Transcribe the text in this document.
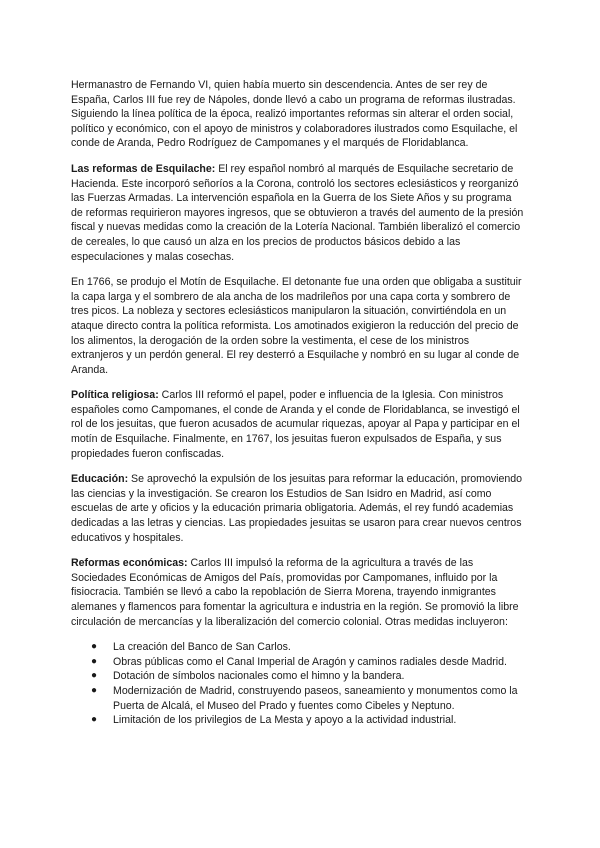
Hermanastro de Fernando VI, quien había muerto sin descendencia. Antes de ser rey de España, Carlos III fue rey de Nápoles, donde llevó a cabo un programa de reformas ilustradas. Siguiendo la línea política de la época, realizó importantes reformas sin alterar el orden social, político y económico, con el apoyo de ministros y colaboradores ilustrados como Esquilache, el conde de Aranda, Pedro Rodríguez de Campomanes y el marqués de Floridablanca.

Las reformas de Esquilache: El rey español nombró al marqués de Esquilache secretario de Hacienda. Este incorporó señoríos a la Corona, controló los sectores eclesiásticos y reorganizó las Fuerzas Armadas. La intervención española en la Guerra de los Siete Años y su programa de reformas requirieron mayores ingresos, que se obtuvieron a través del aumento de la presión fiscal y nuevas medidas como la creación de la Lotería Nacional. También liberalizó el comercio de cereales, lo que causó un alza en los precios de productos básicos debido a las especulaciones y malas cosechas.

En 1766, se produjo el Motín de Esquilache. El detonante fue una orden que obligaba a sustituir la capa larga y el sombrero de ala ancha de los madrileños por una capa corta y sombrero de tres picos. La nobleza y sectores eclesiásticos manipularon la situación, convirtiéndola en un ataque directo contra la política reformista. Los amotinados exigieron la reducción del precio de los alimentos, la derogación de la orden sobre la vestimenta, el cese de los ministros extranjeros y un perdón general. El rey desterró a Esquilache y nombró en su lugar al conde de Aranda.

Política religiosa: Carlos III reformó el papel, poder e influencia de la Iglesia. Con ministros españoles como Campomanes, el conde de Aranda y el conde de Floridablanca, se investigó el rol de los jesuitas, que fueron acusados de acumular riquezas, apoyar al Papa y participar en el motín de Esquilache. Finalmente, en 1767, los jesuitas fueron expulsados de España, y sus propiedades fueron confiscadas.

Educación: Se aprovechó la expulsión de los jesuitas para reformar la educación, promoviendo las ciencias y la investigación. Se crearon los Estudios de San Isidro en Madrid, así como escuelas de arte y oficios y la educación primaria obligatoria. Además, el rey fundó academias dedicadas a las letras y ciencias. Las propiedades jesuitas se usaron para crear nuevos centros educativos y hospitales.

Reformas económicas: Carlos III impulsó la reforma de la agricultura a través de las Sociedades Económicas de Amigos del País, promovidas por Campomanes, influido por la fisiocracia. También se llevó a cabo la repoblación de Sierra Morena, trayendo inmigrantes alemanes y flamencos para fomentar la agricultura e industria en la región. Se promovió la libre circulación de mercancías y la liberalización del comercio colonial. Otras medidas incluyeron:

● La creación del Banco de San Carlos.
● Obras públicas como el Canal Imperial de Aragón y caminos radiales desde Madrid.
● Dotación de símbolos nacionales como el himno y la bandera.
● Modernización de Madrid, construyendo paseos, saneamiento y monumentos como la Puerta de Alcalá, el Museo del Prado y fuentes como Cibeles y Neptuno.
● Limitación de los privilegios de La Mesta y apoyo a la actividad industrial.
